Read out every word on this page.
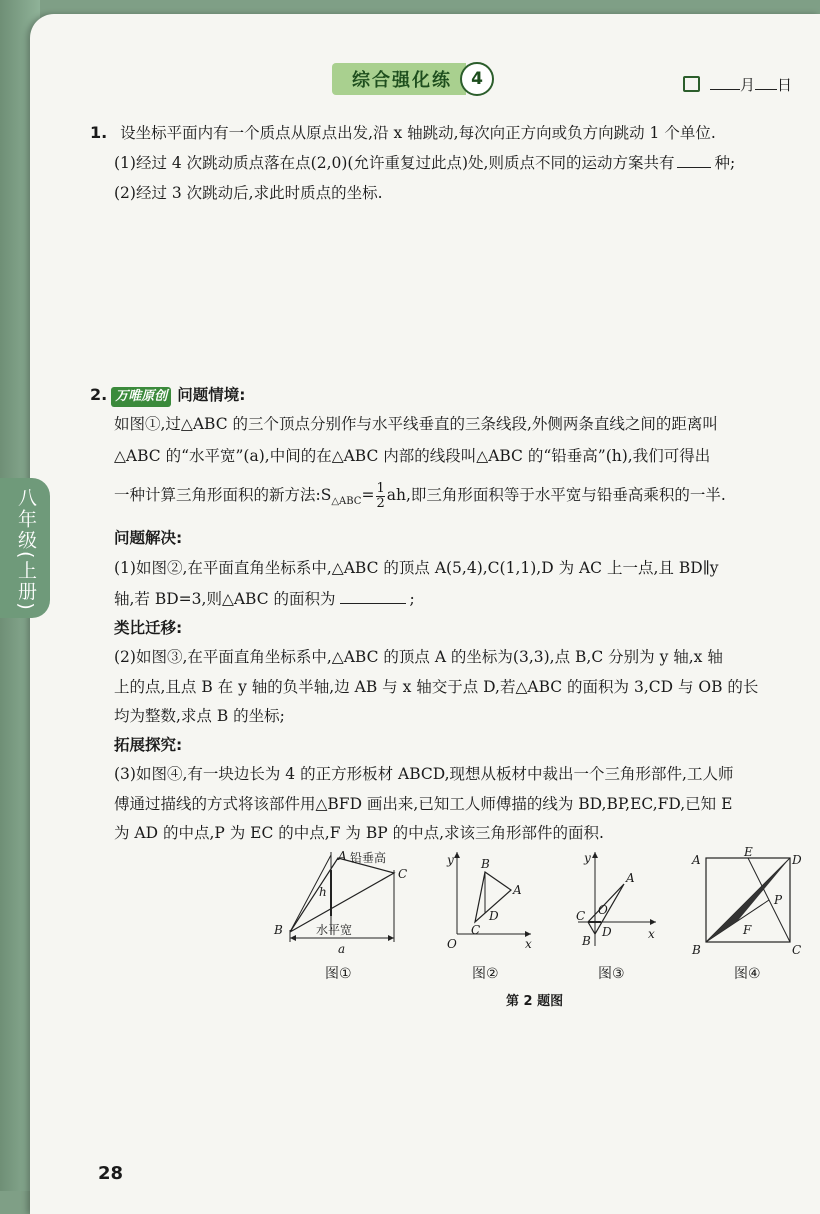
八年级(上册)
综合强化练	4	月 日
1. 设坐标平面内有一个质点从原点出发,沿 x 轴跳动,每次向正方向或负方向跳动 1 个单位.
(1)经过 4 次跳动质点落在点(2,0)(允许重复过此点)处,则质点不同的运动方案共有	种;
(2)经过 3 次跳动后,求此时质点的坐标.
2. 万唯原创 问题情境:
如图①,过△ABC 的三个顶点分别作与水平线垂直的三条线段,外侧两条直线之间的距离叫
△ABC 的“水平宽”(a),中间的在△ABC 内部的线段叫△ABC 的“铅垂高”(h),我们可得出
一种计算三角形面积的新方法$:S_{\triangle ABC}= \frac{1}{2}$ ah,即三角形面积等于水平宽与铅垂高乘积的一半.
问题解决:
(1)如图②,在平面直角坐标系中,△ABC 的顶点 A(5,4),C(1,1),D 为 AC 上一点,且 BD∥y
轴,若 BD=3,则△ABC 的面积为	;
类比迁移:
(2)如图③,在平面直角坐标系中,△ABC 的顶点 A 的坐标为(3,3),点 B,C 分别为 y 轴,x 轴
上的点,且点 B 在 y 轴的负半轴,边 AB 与 x 轴交于点 D,若△ABC 的面积为 3,CD 与 OB 的长
均为整数,求点 B 的坐标;
拓展探究:
(3)如图④,有一块边长为 4 的正方形板材 ABCD,现想从板材中裁出一个三角形部件,工人师
傅通过描线的方式将该部件用△BFD 画出来,已知工人师傅描的线为 BD,BP,EC,FD,已知 E
为 AD 的中点,P 为 EC 的中点,F 为 BP 的中点,求该三角形部件的面积.
A
B
C
h
铅垂高
水平宽
a
y
x
O
B
A
C
D
y
x
O
A
B
C
D
A
E
D
B	C
P
F
图①	图②	图③	图④
第 2 题图
28
